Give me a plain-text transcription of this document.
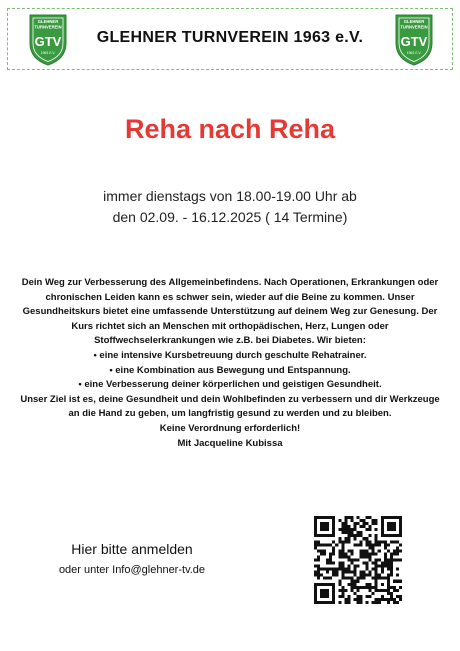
GLEHNER
TURNVEREIN
GTV
1963 E.V.
GLEHNER TURNVEREIN 1963 e.V.
GLEHNER
TURNVEREIN
GTV
1963 E.V.
Reha nach Reha
immer dienstags von 18.00-19.00 Uhr ab
den 02.09. - 16.12.2025 ( 14 Termine)
Dein Weg zur Verbesserung des Allgemeinbefindens. Nach Operationen, Erkrankungen oder
chronischen Leiden kann es schwer sein, wieder auf die Beine zu kommen. Unser
Gesundheitskurs bietet eine umfassende Unterstützung auf deinem Weg zur Genesung. Der
Kurs richtet sich an Menschen mit orthopädischen, Herz, Lungen oder
Stoffwechselerkrankungen wie z.B. bei Diabetes. Wir bieten:
• eine intensive Kursbetreuung durch geschulte Rehatrainer.
• eine Kombination aus Bewegung und Entspannung.
• eine Verbesserung deiner körperlichen und geistigen Gesundheit.
Unser Ziel ist es, deine Gesundheit und dein Wohlbefinden zu verbessern und dir Werkzeuge
an die Hand zu geben, um langfristig gesund zu werden und zu bleiben.
Keine Verordnung erforderlich!
Mit Jacqueline Kubissa
Hier bitte anmelden
oder unter Info@glehner-tv.de
